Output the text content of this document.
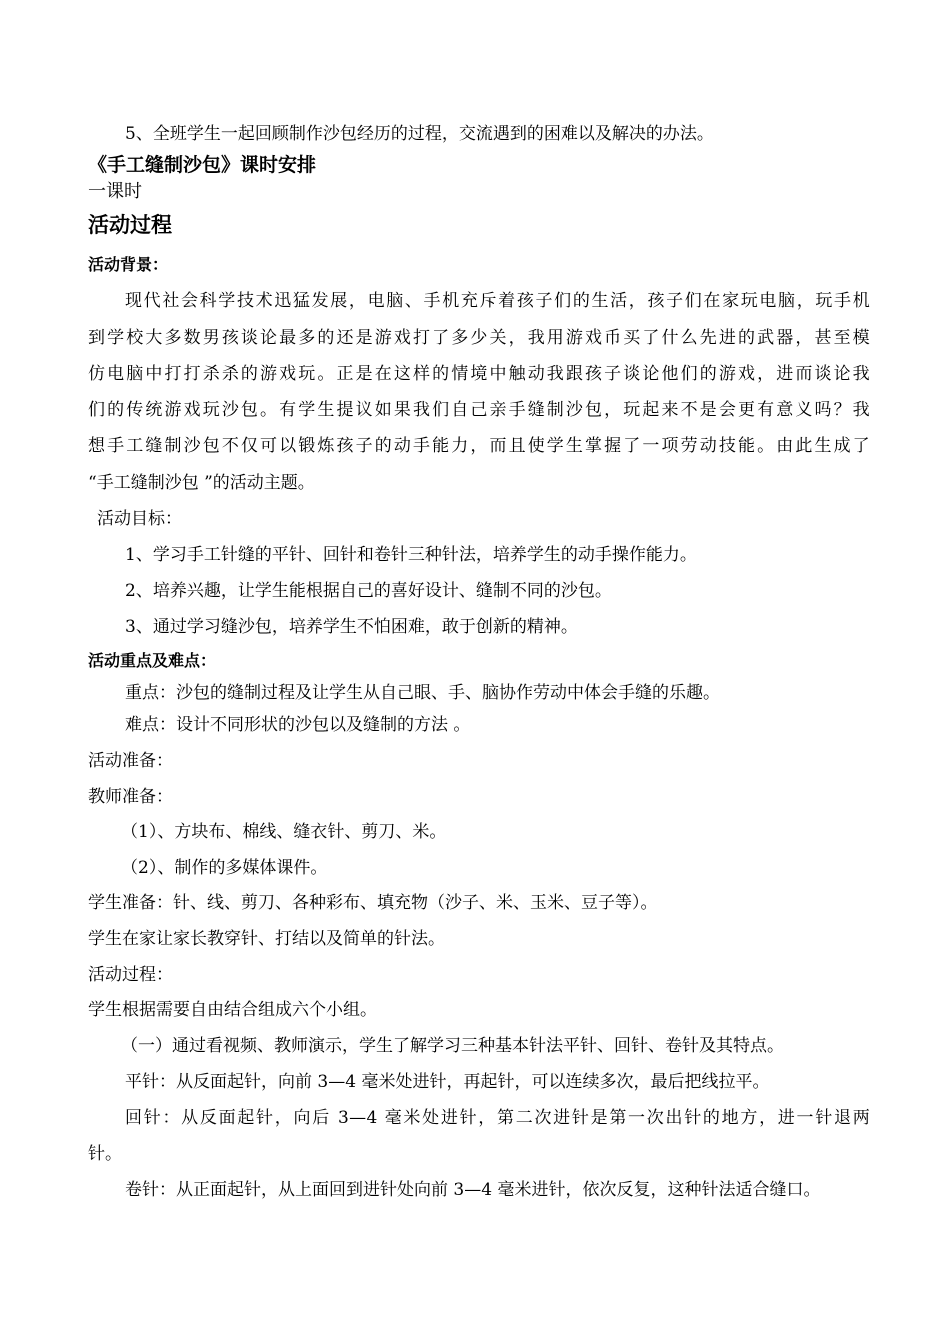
5、全班学生一起回顾制作沙包经历的过程，交流遇到的困难以及解决的办法。
《手工缝制沙包》课时安排
一课时
活动过程
活动背景：
现代社会科学技术迅猛发展，电脑、手机充斥着孩子们的生活，孩子们在家玩电脑，玩手机
到学校大多数男孩谈论最多的还是游戏打了多少关，我用游戏币买了什么先进的武器，甚至模
仿电脑中打打杀杀的游戏玩。正是在这样的情境中触动我跟孩子谈论他们的游戏，进而谈论我
们的传统游戏玩沙包。有学生提议如果我们自己亲手缝制沙包，玩起来不是会更有意义吗？我
想手工缝制沙包不仅可以锻炼孩子的动手能力，而且使学生掌握了一项劳动技能。由此生成了
“手工缝制沙包 ”的活动主题。
活动目标：
1、学习手工针缝的平针、回针和卷针三种针法，培养学生的动手操作能力。
2、培养兴趣，让学生能根据自己的喜好设计、缝制不同的沙包。
3、通过学习缝沙包，培养学生不怕困难，敢于创新的精神。
活动重点及难点：
重点：沙包的缝制过程及让学生从自己眼、手、脑协作劳动中体会手缝的乐趣。
难点：设计不同形状的沙包以及缝制的方法 。
活动准备：
教师准备：
（1）、方块布、棉线、缝衣针、剪刀、米。
（2）、制作的多媒体课件。
学生准备：针、线、剪刀、各种彩布、填充物（沙子、米、玉米、豆子等）。
学生在家让家长教穿针、打结以及简单的针法。
活动过程：
学生根据需要自由结合组成六个小组。
（一）通过看视频、教师演示，学生了解学习三种基本针法平针、回针、卷针及其特点。
平针：从反面起针，向前 3—4 毫米处进针，再起针，可以连续多次，最后把线拉平。
回针：从反面起针，向后 3—4 毫米处进针，第二次进针是第一次出针的地方，进一针退两
针。
卷针：从正面起针，从上面回到进针处向前 3—4 毫米进针，依次反复，这种针法适合缝口。
